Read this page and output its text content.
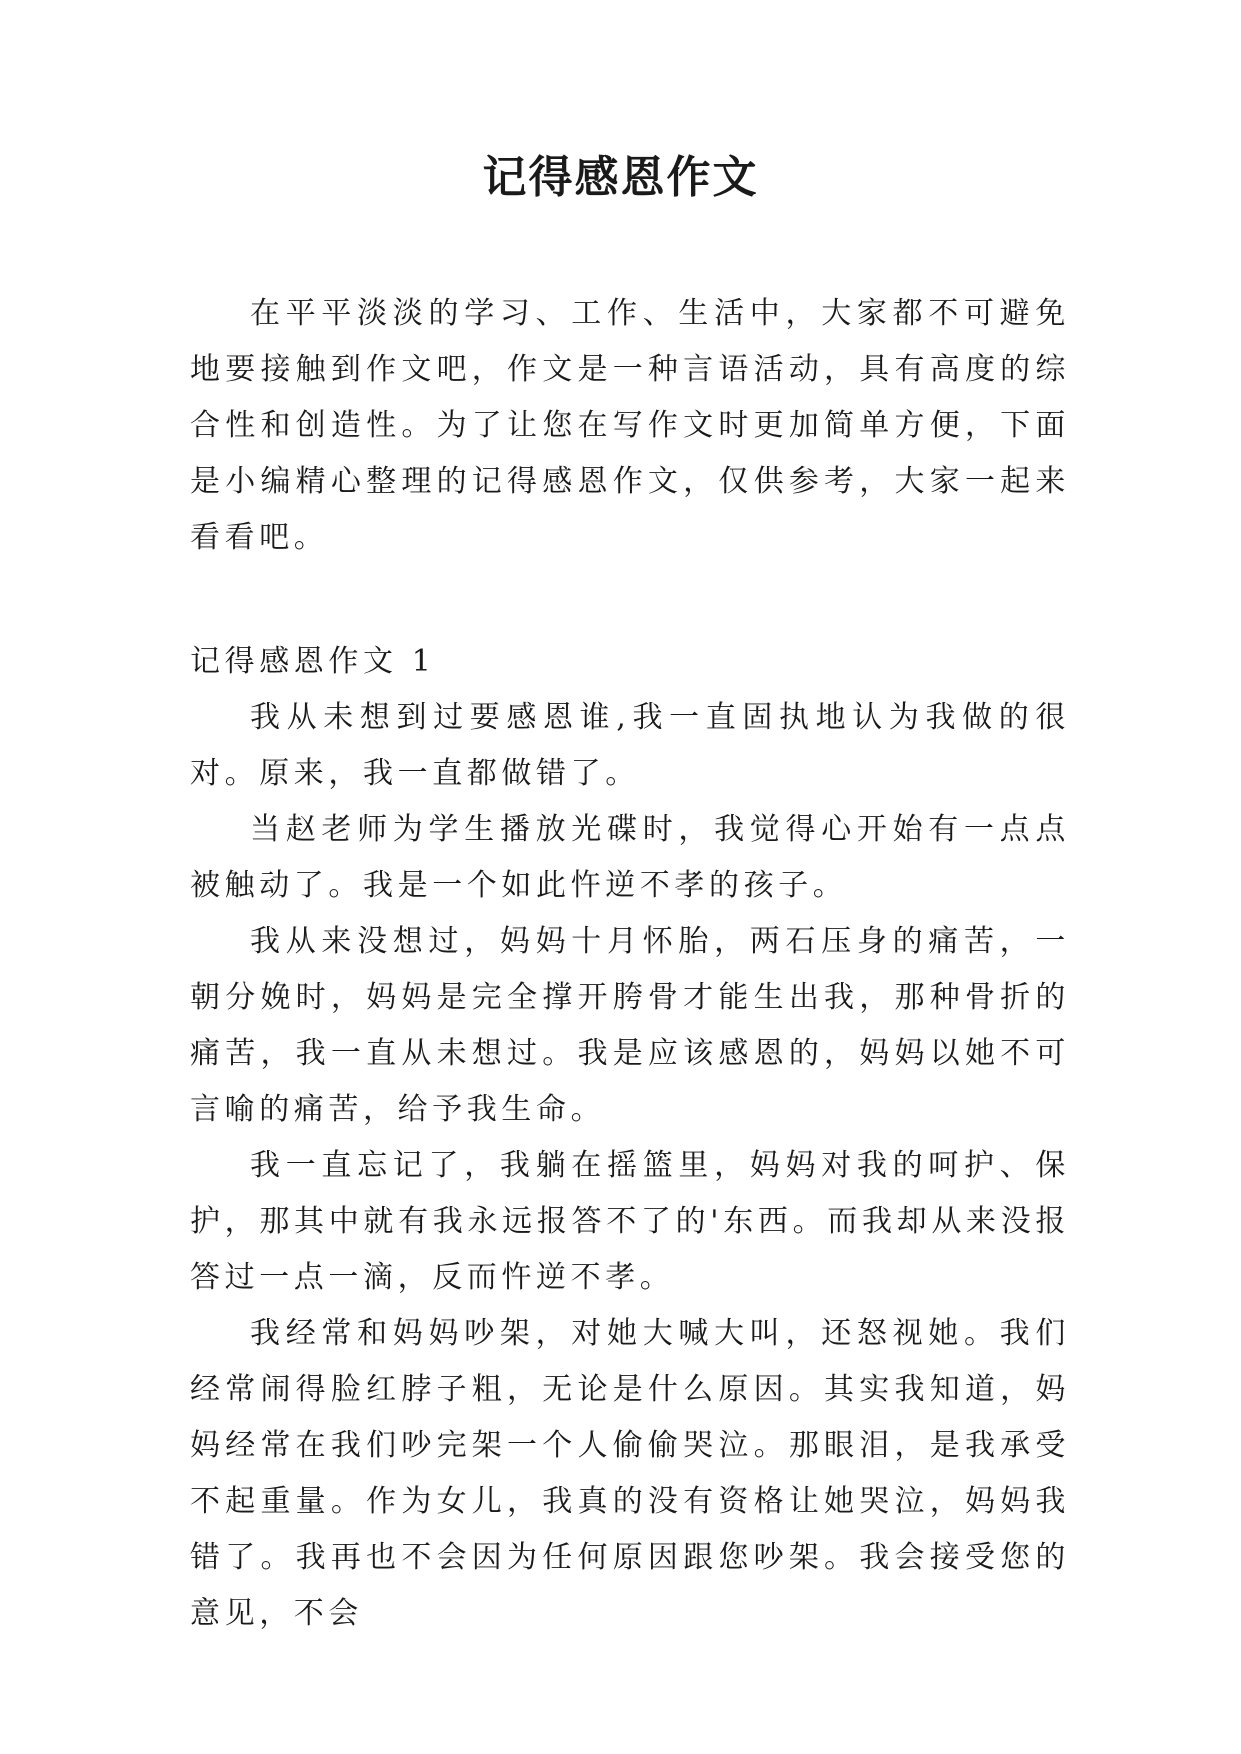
记得感恩作文

在平平淡淡的学习、工作、生活中，大家都不可避免地要接触到作文吧，作文是一种言语活动，具有高度的综合性和创造性。为了让您在写作文时更加简单方便，下面是小编精心整理的记得感恩作文，仅供参考，大家一起来看看吧。

记得感恩作文 1

我从未想到过要感恩谁,我一直固执地认为我做的很对。原来，我一直都做错了。

当赵老师为学生播放光碟时，我觉得心开始有一点点被触动了。我是一个如此忤逆不孝的孩子。

我从来没想过，妈妈十月怀胎，两石压身的痛苦，一朝分娩时，妈妈是完全撑开胯骨才能生出我，那种骨折的痛苦，我一直从未想过。我是应该感恩的，妈妈以她不可言喻的痛苦，给予我生命。

我一直忘记了，我躺在摇篮里，妈妈对我的呵护、保护，那其中就有我永远报答不了的'东西。而我却从来没报答过一点一滴，反而忤逆不孝。

我经常和妈妈吵架，对她大喊大叫，还怒视她。我们经常闹得脸红脖子粗，无论是什么原因。其实我知道，妈妈经常在我们吵完架一个人偷偷哭泣。那眼泪，是我承受不起重量。作为女儿，我真的没有资格让她哭泣，妈妈我错了。我再也不会因为任何原因跟您吵架。我会接受您的意见，不会
